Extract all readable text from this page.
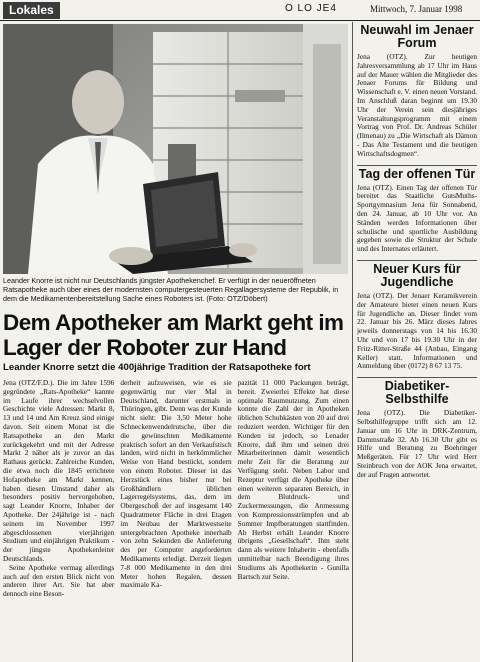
Lokales	O LO JE4	Mittwoch, 7. Januar 1998
Leander Knorre ist nicht nur Deutschlands jüngster Apothekenchef. Er verfügt in der neueröffneten Ratsapotheke auch über eines der modernsten computergesteuerten Regallagersysteme der Republik, in dem die Medikamentenbereitstellung Sache eines Roboters ist. (Foto: OTZ/Döbert)
Dem Apotheker am Markt geht im Lager der Roboter zur Hand
Leander Knorre setzt die 400jährige Tradition der Ratsapotheke fort

Jena (OTZ/F.D.). Die im Jahre 1596 gegründete „Rats-Apotheke“ kannte im Laufe ihrer wechselvollen Geschichte viele Adressen: Markt 8, 13 und 14 und Am Kreuz sind einige davon. Seit einem Monat ist die Ratsapotheke an den Markt zurückgekehrt und mit der Adresse Markt 2 näher als je zuvor an das Rathaus gerückt. Zahlreiche Kunden, die etwa noch die 1845 errichtete Hofapotheke am Markt kennen, haben diesen Umstand daher als besonders positiv hervorgehoben, sagt Leander Knorre, Inhaber der Apotheke. Der 24jährige ist - nach seinem im November 1997 abgeschlossenen vierjährigen Studium und einjährigen Praktikum - der jüngste Apothekenleiter Deutschlands.

Seine Apotheke vermag allerdings auch auf den ersten Blick nicht von anderen ihrer Art. Sie hat aber dennoch eine Beson-

derheit aufzuweisen, wie es sie gegenwärtig nur vier Mal in Deutschland, darunter erstmals in Thüringen, gibt. Denn was der Kunde nicht sieht: Die 3,50 Meter hohe Schneckenwendelrutsche, über die die gewünschten Medikamente praktisch sofort an den Verkaufstisch landen, wird nicht in herkömmlicher Weise von Hand bestückt, sondern von einem Roboter. Dieser ist das Herzstück eines bisher nur bei Großhändlern üblichen Lagerregelsystems, das, dem im Obergeschoß der auf insgesamt 140 Quadratmeter Fläche in drei Etagen im Neubau der Marktwestseite untergebrachten Apotheke innerhalb von zehn Sekunden die Anlieferung des per Computer angeforderten Medikaments erledigt. Derzeit liegen 7-8 000 Medikamente in den drei Meter hohen Regalen, dessen maximale Ka-

pazität 11 000 Packungen beträgt, bereit. Zweierlei Effekte hat diese optimale Raumnutzung. Zum einen konnte die Zahl der in Apotheken üblichen Schubkästen von 20 auf drei reduziert werden. Wichtiger für den Kunden ist jedoch, so Lenader Knorre, daß ihm und seinen drei Mitarbeiterinnen damit wesentlich mehr Zeit für die Beratung zur Verfügung steht. Neben Labor und Rezeptur verfügt die Apotheke über einen weiteren separaten Bereich, in dem Blutdruck- und Zuckermessungen, die Anmessung von Kompressionsstrümpfen und ab Sommer Impfberatungen stattfinden. Ab Herbst erhält Leander Knorre übrigens „Gesellschaft“. Ihm steht dann als weitere Inhaberin - ebenfalls unmittelbar nach Beendigung ihres Studiums als Apothekerin - Gunilla Bartsch zur Seite.

Neuwahl im Jenaer Forum
Jena (OTZ). Zur heutigen Jahresversammlung ab 17 Uhr im Haus auf der Mauer wählen die Mitglieder des Jenaer Forums für Bildung und Wissenschaft e. V. einen neuen Vorstand. Im Anschluß daran beginnt um 19.30 Uhr der Verein sein diesjähriges Veranstaltungsprogramm mit einem Vortrag von Prof. Dr. Andreas Schüler (Ilmenau) zu „Die Wirtschaft als Dämon - Das Alte Testament und die heutigen Wirtschaftsdogmen“.
Tag der offenen Tür
Jena (OTZ). Einen Tag der offenen Tür bereitet das Staatliche GutsMuths-Sportgymnasium Jena für Sonnabend, den 24. Januar, ab 10 Uhr vor. An Ständen werden Informationen über schulische und sportliche Ausbildung gegeben sowie die Struktur der Schule und des Internates erläutert.
Neuer Kurs für Jugendliche
Jena (OTZ). Der Jenaer Keramikverein der Amateure bietet einen neuen Kurs für Jugendliche an. Dieser findet vom 22. Januar bis 26. März dieses Jahres jeweils donnerstags von 14 bis 16.30 Uhr und von 17 bis 19.30 Uhr in der Fritz-Ritter-Straße 44 (Anbau, Eingang Keller) statt. Informationen und Anmeldung über (0172) 8 67 13 75.
Diabetiker-Selbsthilfe
Jena (OTZ). Die Diabetiker-Selbsthilfegruppe trifft sich am 12. Januar um 16 Uhr in DRK-Zentrum, Dammstraße 32. Ab 16.30 Uhr gibt es Hilfe und Beratung zu Boehringer Meßgeräten. Für 17 Uhr wird Herr Steinbruch von der AOK Jena erwartet, der auf Fragen antwortet.
